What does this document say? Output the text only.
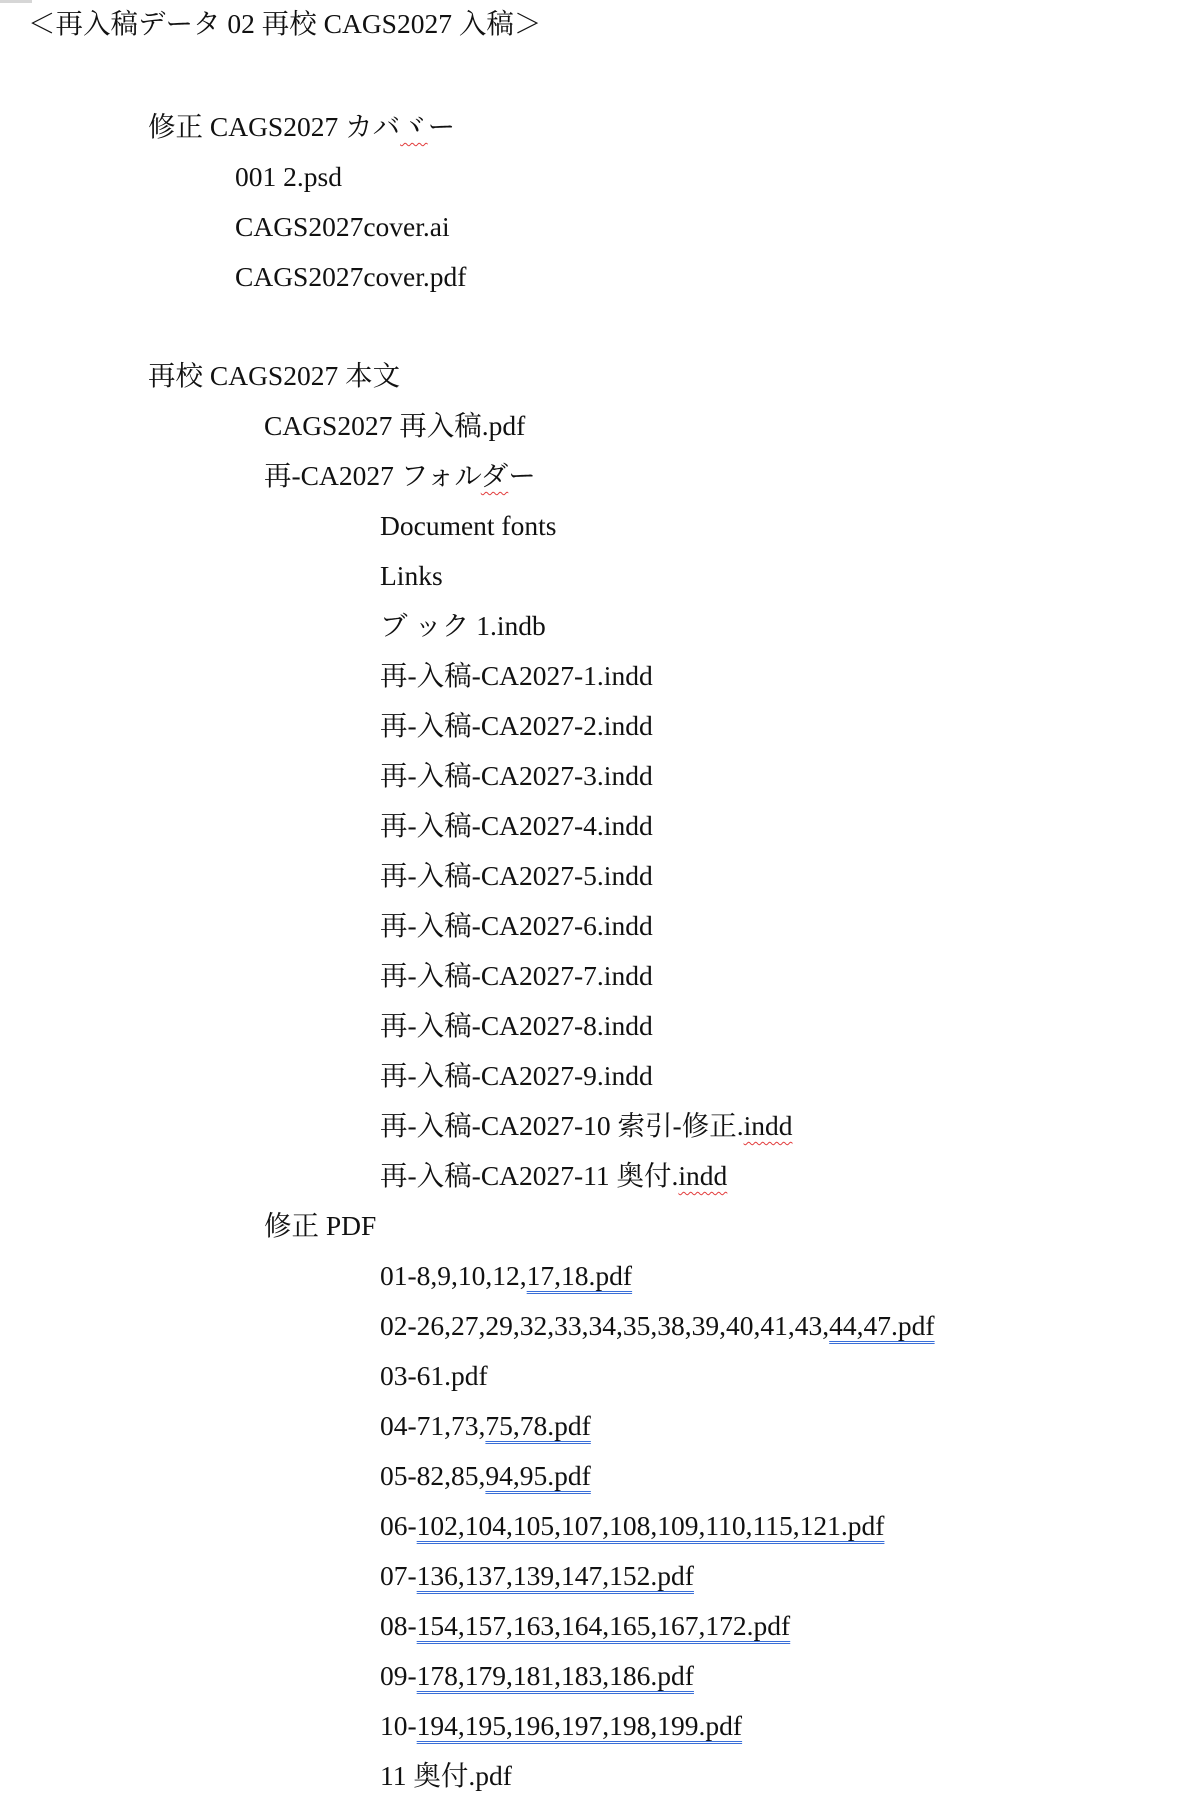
＜再入稿データ 02 再校 CAGS2027 入稿＞
修正 CAGS2027 カバヾー
001 2.psd
CAGS2027cover.ai
CAGS2027cover.pdf
再校 CAGS2027 本文
CAGS2027 再入稿.pdf
再-CA2027 フォルダー
Document fonts
Links
ブ ック 1.indb
再-入稿-CA2027-1.indd
再-入稿-CA2027-2.indd
再-入稿-CA2027-3.indd
再-入稿-CA2027-4.indd
再-入稿-CA2027-5.indd
再-入稿-CA2027-6.indd
再-入稿-CA2027-7.indd
再-入稿-CA2027-8.indd
再-入稿-CA2027-9.indd
再-入稿-CA2027-10 索引-修正.indd
再-入稿-CA2027-11 奥付.indd
修正 PDF
01-8,9,10,12,17,18.pdf
02-26,27,29,32,33,34,35,38,39,40,41,43,44,47.pdf
03-61.pdf
04-71,73,75,78.pdf
05-82,85,94,95.pdf
06-102,104,105,107,108,109,110,115,121.pdf
07-136,137,139,147,152.pdf
08-154,157,163,164,165,167,172.pdf
09-178,179,181,183,186.pdf
10-194,195,196,197,198,199.pdf
11 奥付.pdf
